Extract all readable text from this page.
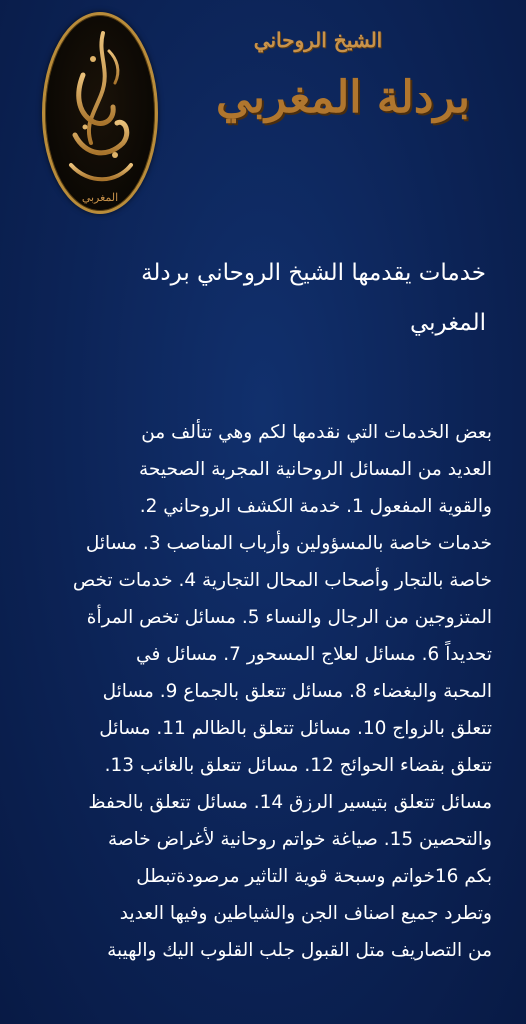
المغربي
الشيخ الروحاني
بردلة المغربي
خدمات يقدمها الشيخ الروحاني بردلة
المغربي

بعض الخدمات التي نقدمها لكم وهي تتألف من

العديد من المسائل الروحانية المجربة الصحيحة

والقوية المفعول 1. خدمة الكشف الروحاني 2.

خدمات خاصة بالمسؤولين وأرباب المناصب 3. مسائل

خاصة بالتجار وأصحاب المحال التجارية 4. خدمات تخص

المتزوجين من الرجال والنساء 5. مسائل تخص المرأة

تحديداً 6. مسائل لعلاج المسحور 7. مسائل في

المحبة والبغضاء 8. مسائل تتعلق بالجماع 9. مسائل

تتعلق بالزواج 10. مسائل تتعلق بالظالم 11. مسائل

تتعلق بقضاء الحوائج 12. مسائل تتعلق بالغائب 13.

مسائل تتعلق بتيسير الرزق 14. مسائل تتعلق بالحفظ

والتحصين 15. صياغة خواتم روحانية لأغراض خاصة

بكم 16خواتم وسبحة قوية التاثير مرصودةتبطل

وتطرد جميع اصناف الجن والشياطين وفيها العديد

من التصاريف متل القبول جلب القلوب اليك والهيبة
